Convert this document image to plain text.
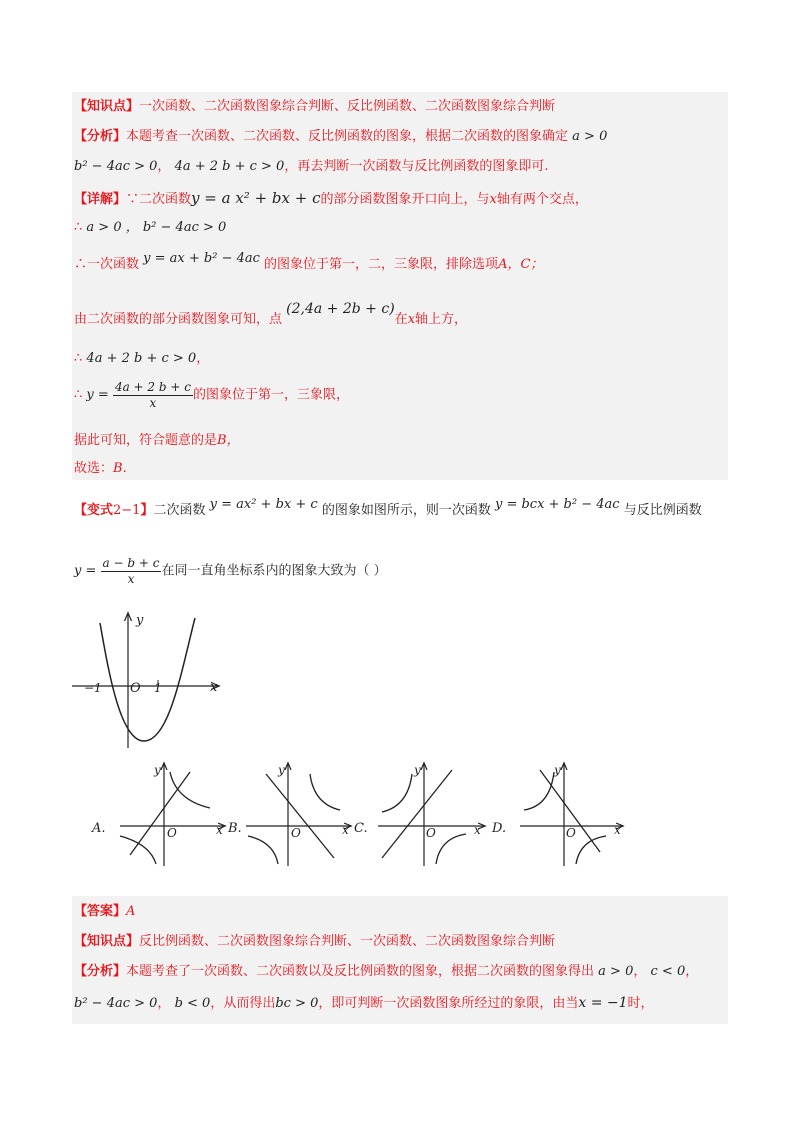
【知识点】一次函数、二次函数图象综合判断、反比例函数、二次函数图象综合判断
【分析】本题考查一次函数、二次函数、反比例函数的图象，根据二次函数的图象确定 a > 0
b² − 4ac > 0， 4a + 2 b + c > 0，再去判断一次函数与反比例函数的图象即可.
【详解】∵二次函数y = a x² + bx + c的部分函数图象开口向上，与x轴有两个交点，
∴ a > 0 ， b² − 4ac > 0
∴一次函数 y = ax + b² − 4ac 的图象位于第一，二，三象限，排除选项A，C；
由二次函数的部分函数图象可知，点 (2,4a + 2b + c)在x轴上方，
∴ 4a + 2 b + c > 0，
∴ $y = \frac{4a + 2 b + c}{x}$ 的图象位于第一，三象限，
据此可知，符合题意的是B，
故选：B.
【变式2−1】二次函数 y = ax² + bx + c 的图象如图所示，则一次函数 y = bcx + b² − 4ac 与反比例函数
$y = \frac{a - b + c}{x}$ 在同一直角坐标系内的图象大致为（ ）
y
x
O
−1	1
A.
y
O	x B.
y
O	x C.
y
O	x D.
y
O	x
【答案】A
【知识点】反比例函数、二次函数图象综合判断、一次函数、二次函数图象综合判断
【分析】本题考查了一次函数、二次函数以及反比例函数的图象，根据二次函数的图象得出 a > 0， c < 0，
b² − 4ac > 0， b < 0，从而得出bc > 0，即可判断一次函数图象所经过的象限，由当x = −1时，
